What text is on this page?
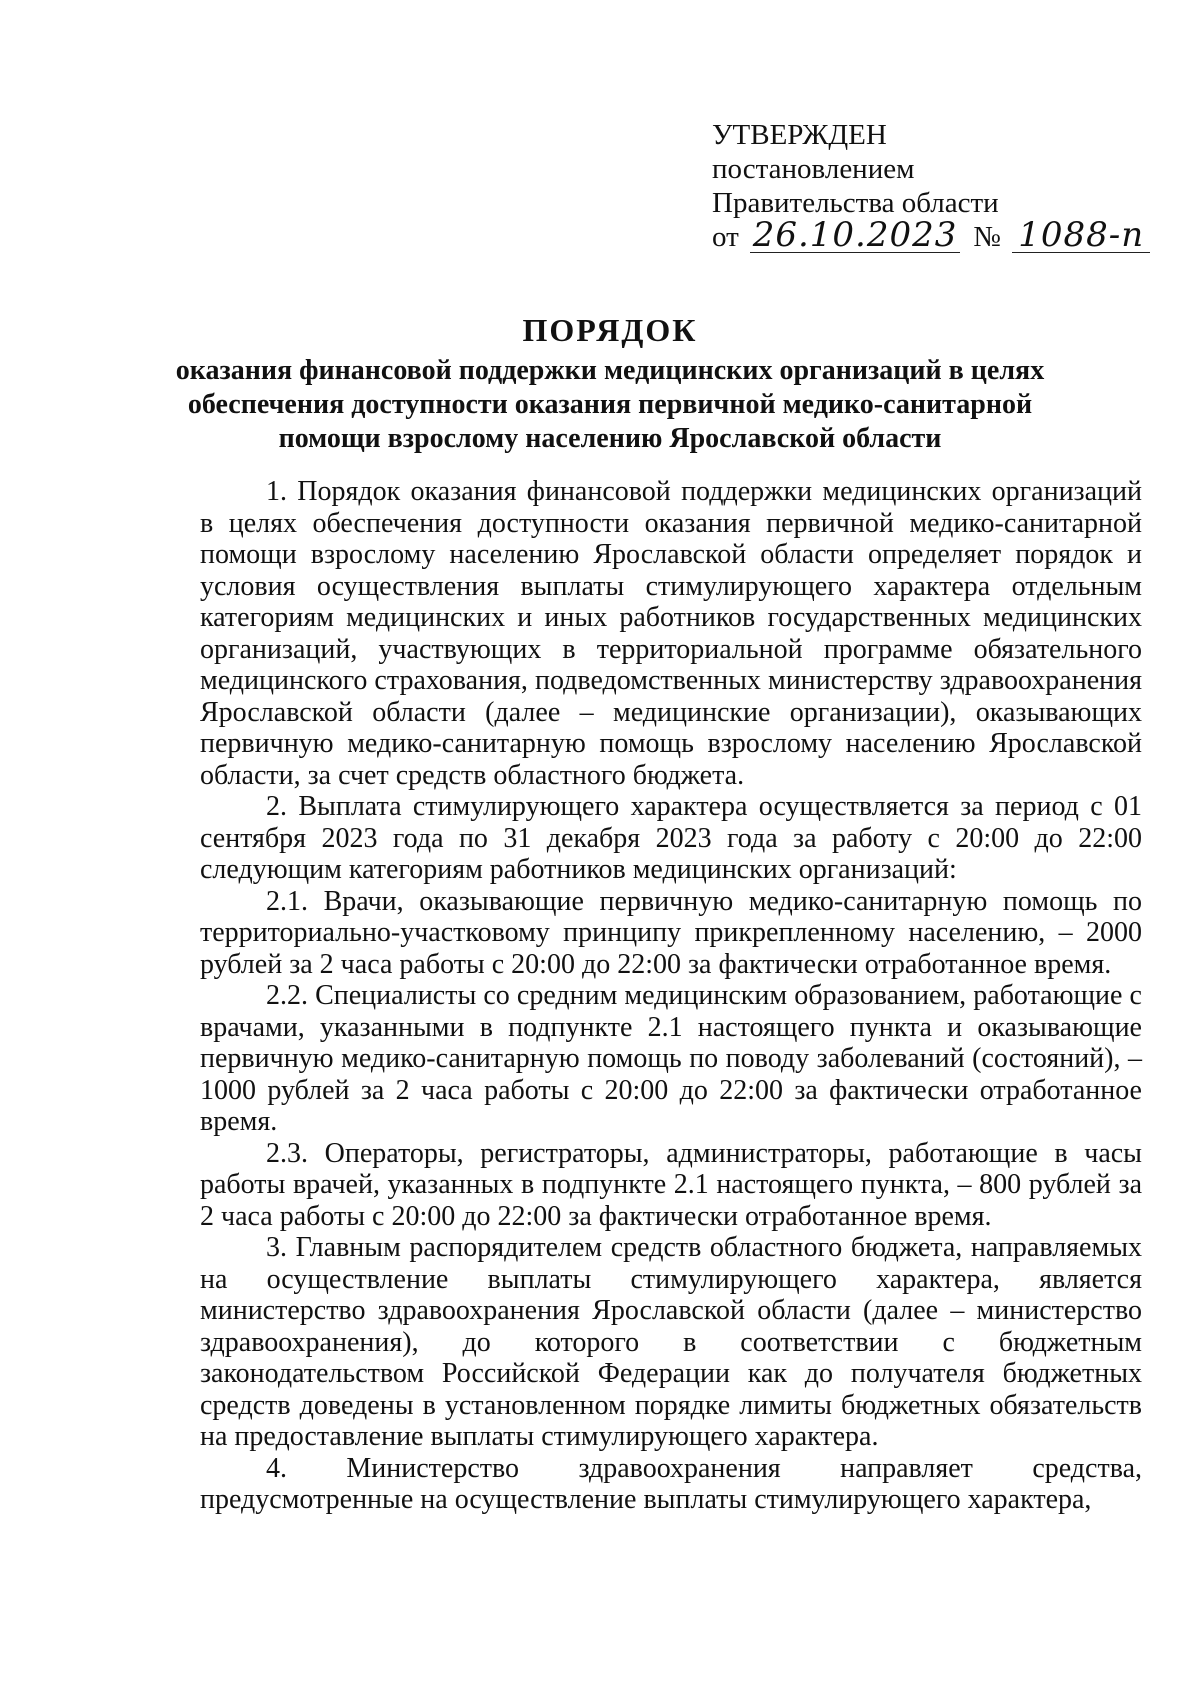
УТВЕРЖДЕН
постановлением
Правительства области
от 26.10.2023 № 1088-п
ПОРЯДОК
оказания финансовой поддержки медицинских организаций в целях
обеспечения доступности оказания первичной медико-санитарной
помощи взрослому населению Ярославской области

1. Порядок оказания финансовой поддержки медицинских организаций в целях обеспечения доступности оказания первичной медико-санитарной помощи взрослому населению Ярославской области определяет порядок и условия осуществления выплаты стимулирующего характера отдельным категориям медицинских и иных работников государственных медицинских организаций, участвующих в территориальной программе обязательного медицинского страхования, подведомственных министерству здравоохранения Ярославской области (далее – медицинские организации), оказывающих первичную медико-санитарную помощь взрослому населению Ярославской области, за счет средств областного бюджета.

2. Выплата стимулирующего характера осуществляется за период с 01 сентября 2023 года по 31 декабря 2023 года за работу с 20:00 до 22:00 следующим категориям работников медицинских организаций:

2.1. Врачи, оказывающие первичную медико-санитарную помощь по территориально-участковому принципу прикрепленному населению, – 2000 рублей за 2 часа работы с 20:00 до 22:00 за фактически отработанное время.

2.2. Специалисты со средним медицинским образованием, работающие с врачами, указанными в подпункте 2.1 настоящего пункта и оказывающие первичную медико-санитарную помощь по поводу заболеваний (состояний), – 1000 рублей за 2 часа работы с 20:00 до 22:00 за фактически отработанное время.

2.3. Операторы, регистраторы, администраторы, работающие в часы работы врачей, указанных в подпункте 2.1 настоящего пункта, – 800 рублей за 2 часа работы с 20:00 до 22:00 за фактически отработанное время.

3. Главным распорядителем средств областного бюджета, направляемых на осуществление выплаты стимулирующего характера, является министерство здравоохранения Ярославской области (далее – министерство здравоохранения), до которого в соответствии с бюджетным законодательством Российской Федерации как до получателя бюджетных средств доведены в установленном порядке лимиты бюджетных обязательств на предоставление выплаты стимулирующего характера.

4. Министерство здравоохранения направляет средства, предусмотренные на осуществление выплаты стимулирующего характера,
